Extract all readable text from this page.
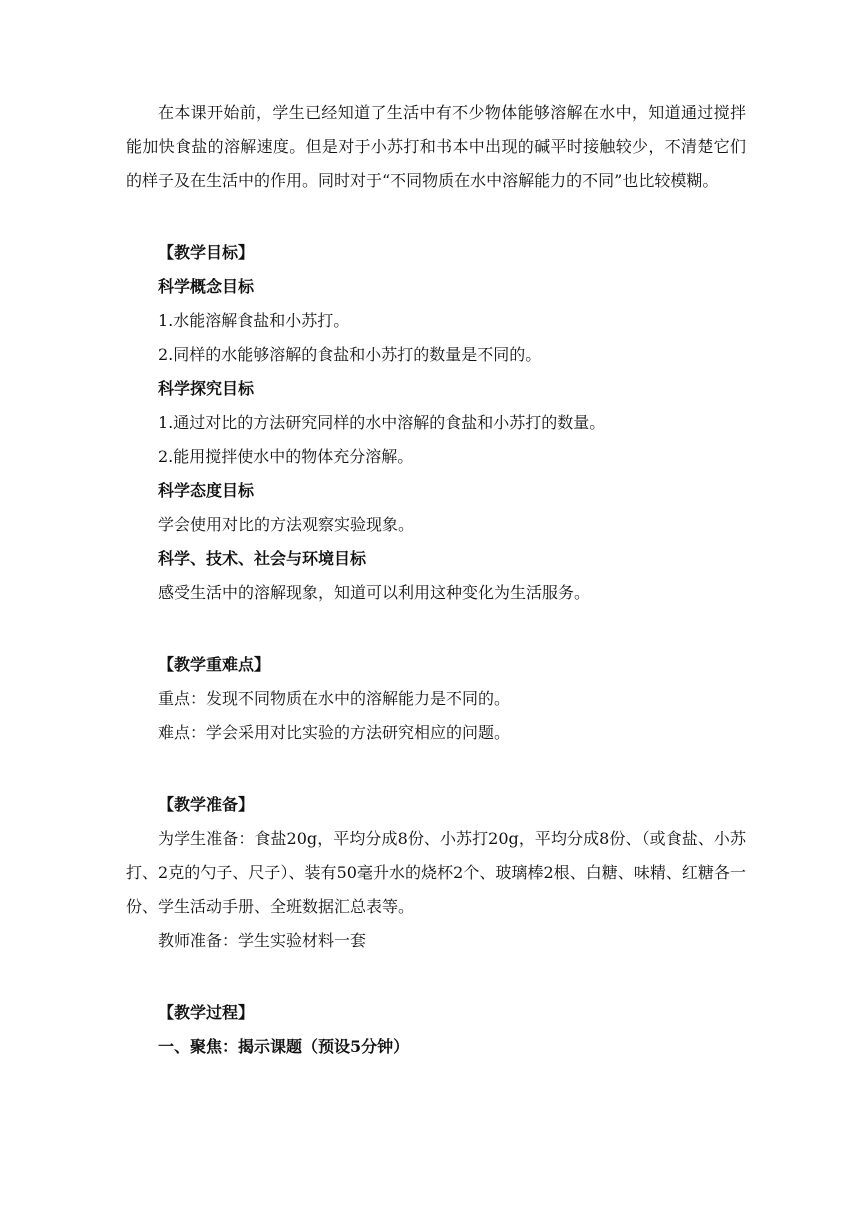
在本课开始前，学生已经知道了生活中有不少物体能够溶解在水中，知道通过搅拌能加快食盐的溶解速度。但是对于小苏打和书本中出现的碱平时接触较少，不清楚它们的样子及在生活中的作用。同时对于“不同物质在水中溶解能力的不同”也比较模糊。

【教学目标】

科学概念目标

1.水能溶解食盐和小苏打。

2.同样的水能够溶解的食盐和小苏打的数量是不同的。

科学探究目标

1.通过对比的方法研究同样的水中溶解的食盐和小苏打的数量。

2.能用搅拌使水中的物体充分溶解。

科学态度目标

学会使用对比的方法观察实验现象。

科学、技术、社会与环境目标

感受生活中的溶解现象，知道可以利用这种变化为生活服务。

【教学重难点】

重点：发现不同物质在水中的溶解能力是不同的。

难点：学会采用对比实验的方法研究相应的问题。

【教学准备】

为学生准备：食盐20g，平均分成8份、小苏打20g，平均分成8份、（或食盐、小苏打、2克的勺子、尺子）、装有50毫升水的烧杯2个、玻璃棒2根、白糖、味精、红糖各一份、学生活动手册、全班数据汇总表等。

教师准备：学生实验材料一套

【教学过程】

一、聚焦：揭示课题（预设5分钟）
